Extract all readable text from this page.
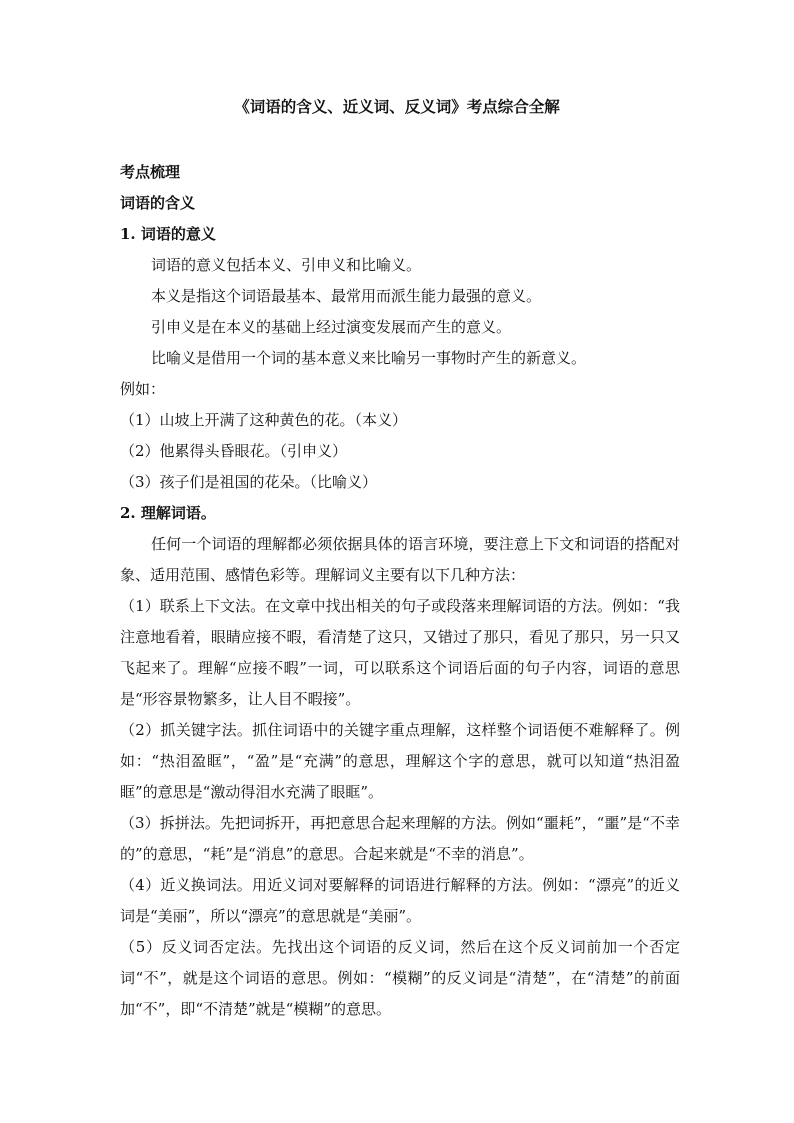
《词语的含义、近义词、反义词》考点综合全解
考点梳理
词语的含义
1. 词语的意义
词语的意义包括本义、引申义和比喻义。
本义是指这个词语最基本、最常用而派生能力最强的意义。
引申义是在本义的基础上经过演变发展而产生的意义。
比喻义是借用一个词的基本意义来比喻另一事物时产生的新意义。
例如：
（1）山坡上开满了这种黄色的花。（本义）
（2）他累得头昏眼花。（引申义）
（3）孩子们是祖国的花朵。（比喻义）
2. 理解词语。
任何一个词语的理解都必须依据具体的语言环境，要注意上下文和词语的搭配对象、适用范围、感情色彩等。理解词义主要有以下几种方法：
（1）联系上下文法。在文章中找出相关的句子或段落来理解词语的方法。例如：“我注意地看着，眼睛应接不暇，看清楚了这只，又错过了那只，看见了那只，另一只又飞起来了。理解“应接不暇”一词，可以联系这个词语后面的句子内容，词语的意思是“形容景物繁多，让人目不暇接”。
（2）抓关键字法。抓住词语中的关键字重点理解，这样整个词语便不难解释了。例如：“热泪盈眶”，“盈”是“充满”的意思，理解这个字的意思，就可以知道“热泪盈眶”的意思是“激动得泪水充满了眼眶”。
（3）拆拼法。先把词拆开，再把意思合起来理解的方法。例如“噩耗”，“噩”是“不幸的”的意思，“耗”是“消息”的意思。合起来就是“不幸的消息”。
（4）近义换词法。用近义词对要解释的词语进行解释的方法。例如：“漂亮”的近义词是“美丽”，所以“漂亮”的意思就是“美丽”。
（5）反义词否定法。先找出这个词语的反义词，然后在这个反义词前加一个否定词“不”，就是这个词语的意思。例如：“模糊”的反义词是“清楚”，在“清楚”的前面加“不”，即“不清楚”就是“模糊”的意思。
